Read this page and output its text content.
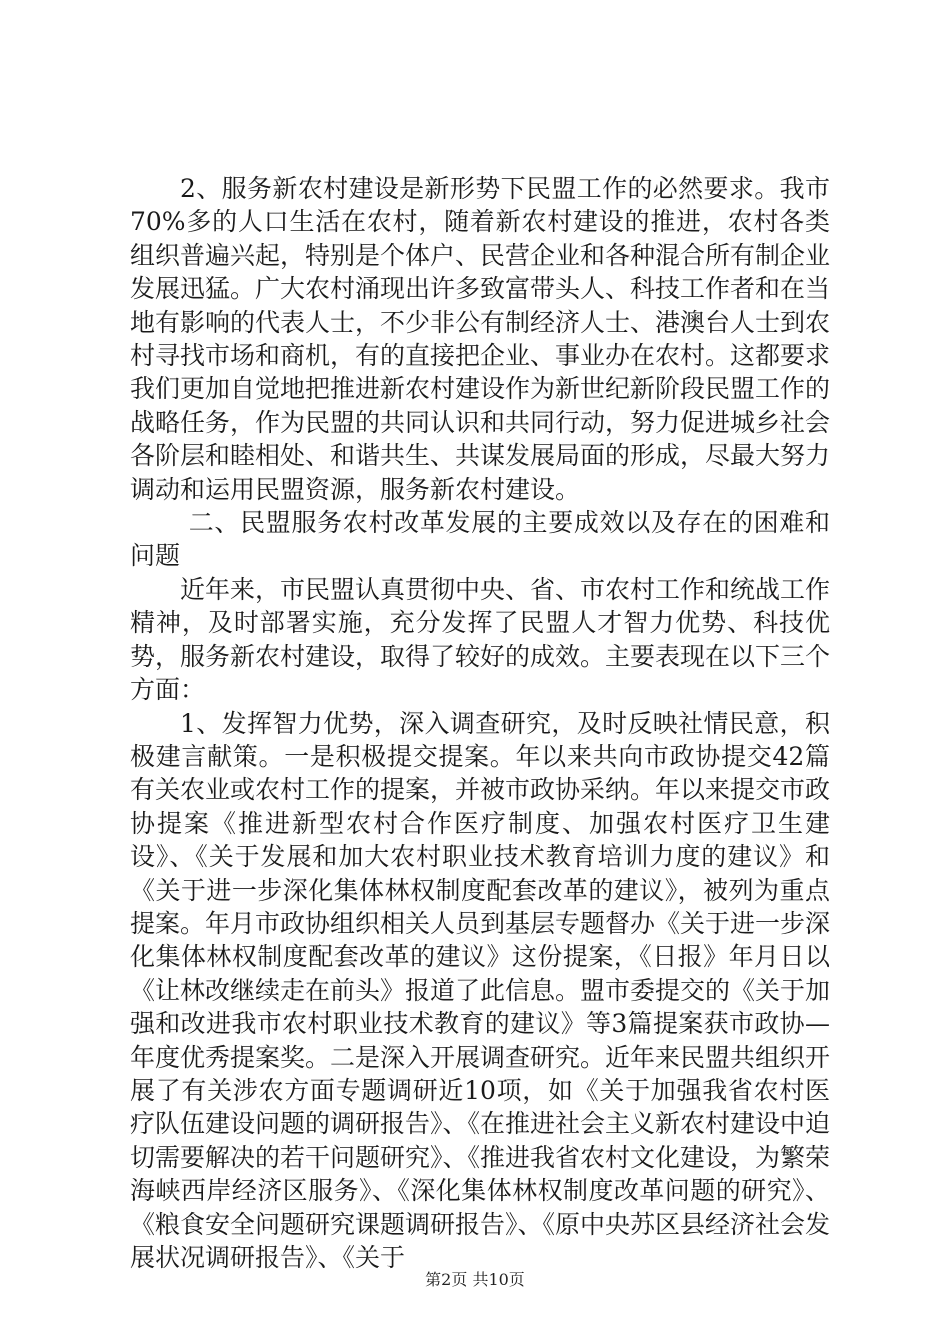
2、服务新农村建设是新形势下民盟工作的必然要求。我市70%多的人口生活在农村，随着新农村建设的推进，农村各类组织普遍兴起，特别是个体户、民营企业和各种混合所有制企业发展迅猛。广大农村涌现出许多致富带头人、科技工作者和在当地有影响的代表人士，不少非公有制经济人士、港澳台人士到农村寻找市场和商机，有的直接把企业、事业办在农村。这都要求我们更加自觉地把推进新农村建设作为新世纪新阶段民盟工作的战略任务，作为民盟的共同认识和共同行动，努力促进城乡社会各阶层和睦相处、和谐共生、共谋发展局面的形成，尽最大努力调动和运用民盟资源，服务新农村建设。

二、民盟服务农村改革发展的主要成效以及存在的困难和问题

近年来，市民盟认真贯彻中央、省、市农村工作和统战工作精神，及时部署实施，充分发挥了民盟人才智力优势、科技优势，服务新农村建设，取得了较好的成效。主要表现在以下三个方面：

1、发挥智力优势，深入调查研究，及时反映社情民意，积极建言献策。一是积极提交提案。年以来共向市政协提交42篇有关农业或农村工作的提案，并被市政协采纳。年以来提交市政协提案《推进新型农村合作医疗制度、加强农村医疗卫生建设》、《关于发展和加大农村职业技术教育培训力度的建议》和《关于进一步深化集体林权制度配套改革的建议》，被列为重点提案。年月市政协组织相关人员到基层专题督办《关于进一步深化集体林权制度配套改革的建议》这份提案，《日报》年月日以《让林改继续走在前头》报道了此信息。盟市委提交的《关于加强和改进我市农村职业技术教育的建议》等3篇提案获市政协—年度优秀提案奖。二是深入开展调查研究。近年来民盟共组织开展了有关涉农方面专题调研近10项，如《关于加强我省农村医疗队伍建设问题的调研报告》、《在推进社会主义新农村建设中迫切需要解决的若干问题研究》、《推进我省农村文化建设，为繁荣海峡西岸经济区服务》、《深化集体林权制度改革问题的研究》、《粮食安全问题研究课题调研报告》、《原中央苏区县经济社会发展状况调研报告》、《关于

第2页 共10页
